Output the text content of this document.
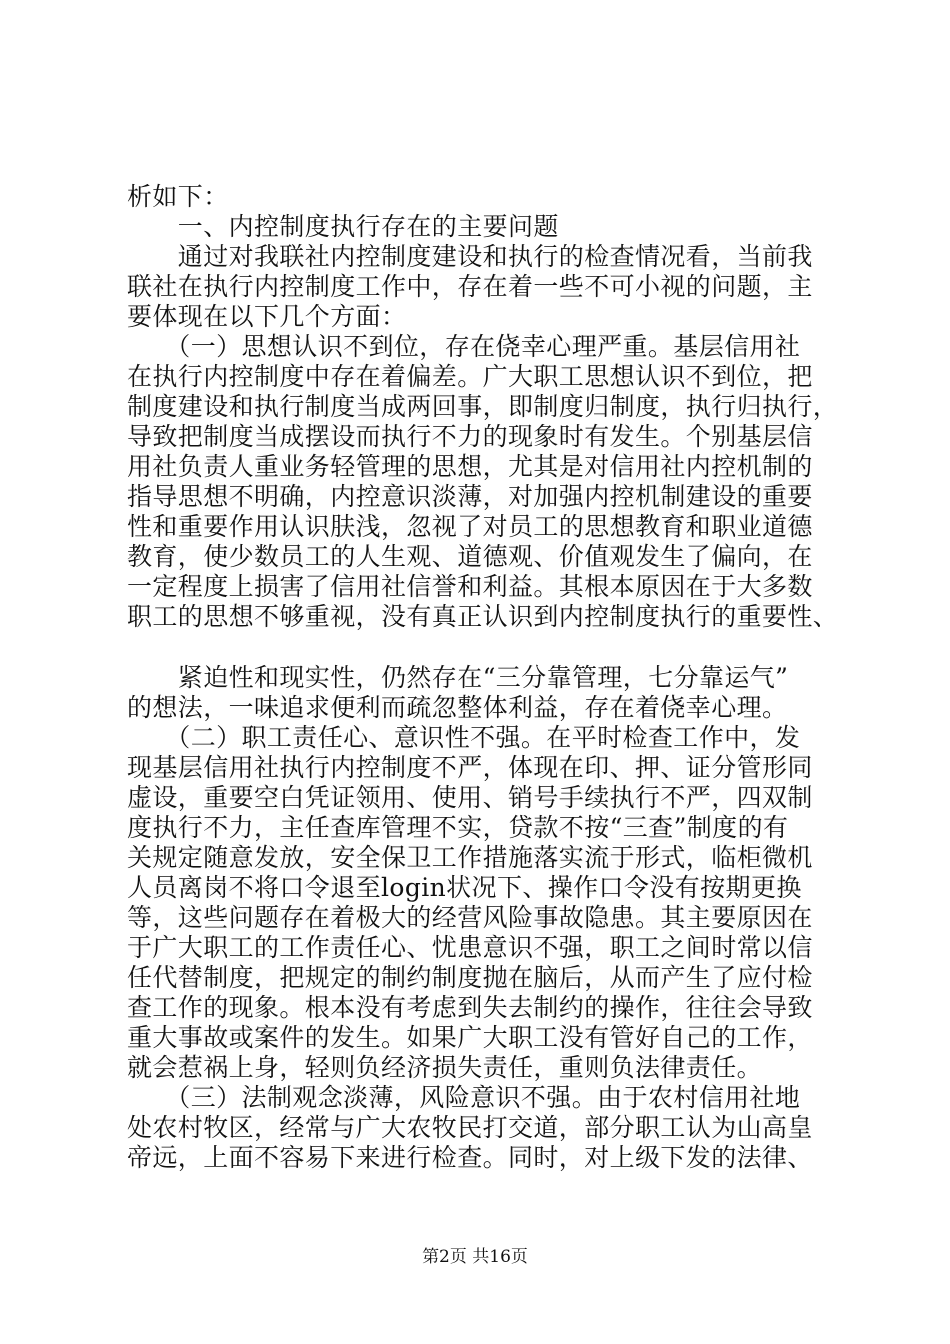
析如下：
　　一、内控制度执行存在的主要问题
　　通过对我联社内控制度建设和执行的检查情况看，当前我
联社在执行内控制度工作中，存在着一些不可小视的问题，主
要体现在以下几个方面：
　　（一）思想认识不到位，存在侥幸心理严重。基层信用社
在执行内控制度中存在着偏差。广大职工思想认识不到位，把
制度建设和执行制度当成两回事，即制度归制度，执行归执行，
导致把制度当成摆设而执行不力的现象时有发生。个别基层信
用社负责人重业务轻管理的思想，尤其是对信用社内控机制的
指导思想不明确，内控意识淡薄，对加强内控机制建设的重要
性和重要作用认识肤浅，忽视了对员工的思想教育和职业道德
教育，使少数员工的人生观、道德观、价值观发生了偏向，在
一定程度上损害了信用社信誉和利益。其根本原因在于大多数
职工的思想不够重视，没有真正认识到内控制度执行的重要性、
　　紧迫性和现实性，仍然存在“三分靠管理，七分靠运气”
的想法，一味追求便利而疏忽整体利益，存在着侥幸心理。
　　（二）职工责任心、意识性不强。在平时检查工作中，发
现基层信用社执行内控制度不严，体现在印、押、证分管形同
虚设，重要空白凭证领用、使用、销号手续执行不严，四双制
度执行不力，主任查库管理不实，贷款不按“三查”制度的有
关规定随意发放，安全保卫工作措施落实流于形式，临柜微机
人员离岗不将口令退至login状况下、操作口令没有按期更换
等，这些问题存在着极大的经营风险事故隐患。其主要原因在
于广大职工的工作责任心、忧患意识不强，职工之间时常以信
任代替制度，把规定的制约制度抛在脑后，从而产生了应付检
查工作的现象。根本没有考虑到失去制约的操作，往往会导致
重大事故或案件的发生。如果广大职工没有管好自己的工作，
就会惹祸上身，轻则负经济损失责任，重则负法律责任。
　　（三）法制观念淡薄，风险意识不强。由于农村信用社地
处农村牧区，经常与广大农牧民打交道，部分职工认为山高皇
帝远，上面不容易下来进行检查。同时，对上级下发的法律、
第2页 共16页
